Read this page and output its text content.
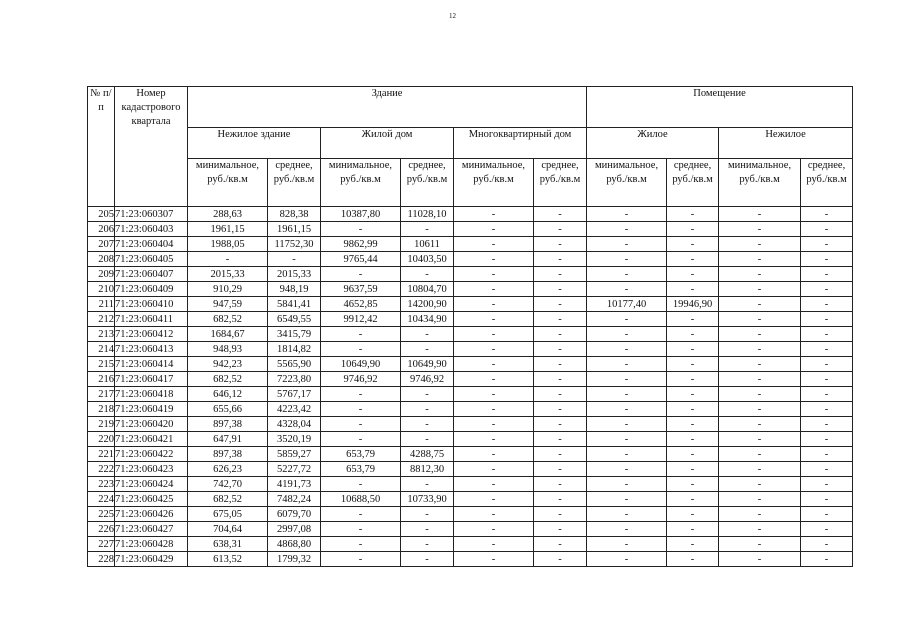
12
№ п/п	Номер кадастрового квартала	Здание						Помещение			
		Нежилое здание		Жилой дом		Многоквартирный дом		Жилое		Нежилое	
		минимальное, руб./кв.м	среднее, руб./кв.м	минимальное, руб./кв.м	среднее, руб./кв.м	минимальное, руб./кв.м	среднее, руб./кв.м	минимальное, руб./кв.м	среднее, руб./кв.м	минимальное, руб./кв.м	среднее, руб./кв.м
205	71:23:060307	288,63	828,38	10387,80	11028,10	-	-	-	-	-	-
206	71:23:060403	1961,15	1961,15	-	-	-	-	-	-	-	-
207	71:23:060404	1988,05	11752,30	9862,99	10611	-	-	-	-	-	-
208	71:23:060405	-	-	9765,44	10403,50	-	-	-	-	-	-
209	71:23:060407	2015,33	2015,33	-	-	-	-	-	-	-	-
210	71:23:060409	910,29	948,19	9637,59	10804,70	-	-	-	-	-	-
211	71:23:060410	947,59	5841,41	4652,85	14200,90	-	-	10177,40	19946,90	-	-
212	71:23:060411	682,52	6549,55	9912,42	10434,90	-	-	-	-	-	-
213	71:23:060412	1684,67	3415,79	-	-	-	-	-	-	-	-
214	71:23:060413	948,93	1814,82	-	-	-	-	-	-	-	-
215	71:23:060414	942,23	5565,90	10649,90	10649,90	-	-	-	-	-	-
216	71:23:060417	682,52	7223,80	9746,92	9746,92	-	-	-	-	-	-
217	71:23:060418	646,12	5767,17	-	-	-	-	-	-	-	-
218	71:23:060419	655,66	4223,42	-	-	-	-	-	-	-	-
219	71:23:060420	897,38	4328,04	-	-	-	-	-	-	-	-
220	71:23:060421	647,91	3520,19	-	-	-	-	-	-	-	-
221	71:23:060422	897,38	5859,27	653,79	4288,75	-	-	-	-	-	-
222	71:23:060423	626,23	5227,72	653,79	8812,30	-	-	-	-	-	-
223	71:23:060424	742,70	4191,73	-	-	-	-	-	-	-	-
224	71:23:060425	682,52	7482,24	10688,50	10733,90	-	-	-	-	-	-
225	71:23:060426	675,05	6079,70	-	-	-	-	-	-	-	-
226	71:23:060427	704,64	2997,08	-	-	-	-	-	-	-	-
227	71:23:060428	638,31	4868,80	-	-	-	-	-	-	-	-
228	71:23:060429	613,52	1799,32	-	-	-	-	-	-	-	-
